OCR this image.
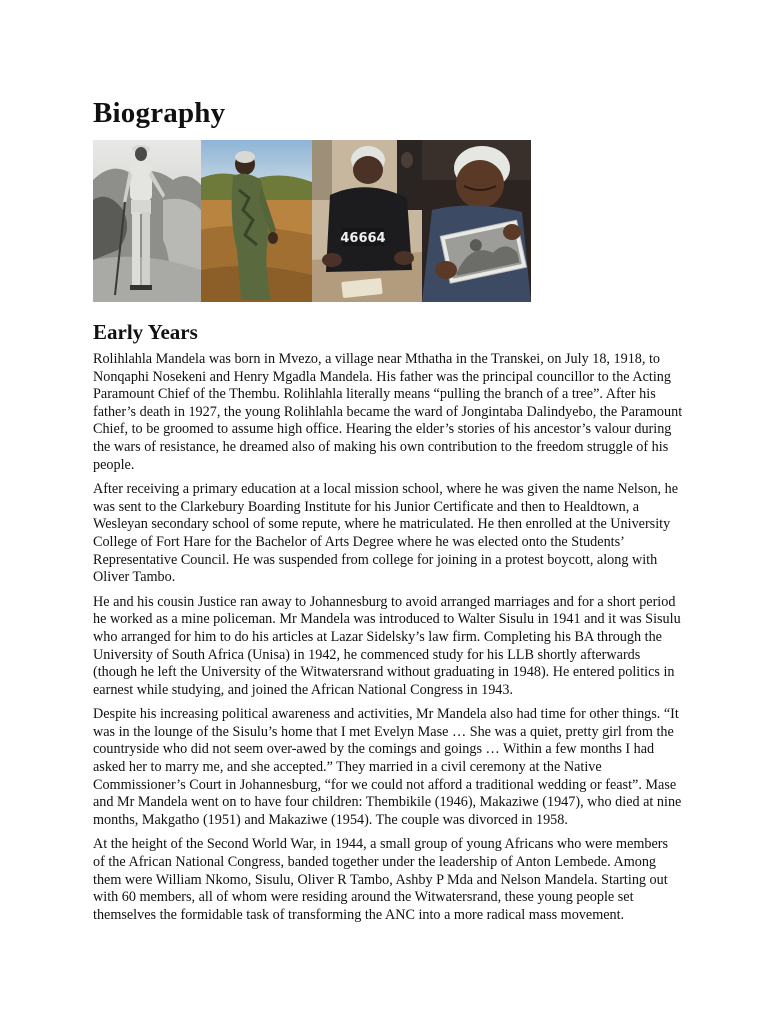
Biography
46664
Early Years

Rolihlahla Mandela was born in Mvezo, a village near Mthatha in the Transkei, on July 18, 1918, to Nonqaphi Nosekeni and Henry Mgadla Mandela. His father was the principal councillor to the Acting Paramount Chief of the Thembu. Rolihlahla literally means “pulling the branch of a tree”. After his father’s death in 1927, the young Rolihlahla became the ward of Jongintaba Dalindyebo, the Paramount Chief, to be groomed to assume high office. Hearing the elder’s stories of his ancestor’s valour during the wars of resistance, he dreamed also of making his own contribution to the freedom struggle of his people.

After receiving a primary education at a local mission school, where he was given the name Nelson, he was sent to the Clarkebury Boarding Institute for his Junior Certificate and then to Healdtown, a Wesleyan secondary school of some repute, where he matriculated. He then enrolled at the University College of Fort Hare for the Bachelor of Arts Degree where he was elected onto the Students’ Representative Council. He was suspended from college for joining in a protest boycott, along with Oliver Tambo.

He and his cousin Justice ran away to Johannesburg to avoid arranged marriages and for a short period he worked as a mine policeman. Mr Mandela was introduced to Walter Sisulu in 1941 and it was Sisulu who arranged for him to do his articles at Lazar Sidelsky’s law firm. Completing his BA through the University of South Africa (Unisa) in 1942, he commenced study for his LLB shortly afterwards (though he left the University of the Witwatersrand without graduating in 1948). He entered politics in earnest while studying, and joined the African National Congress in 1943.

Despite his increasing political awareness and activities, Mr Mandela also had time for other things. “It was in the lounge of the Sisulu’s home that I met Evelyn Mase … She was a quiet, pretty girl from the countryside who did not seem over-awed by the comings and goings … Within a few months I had asked her to marry me, and she accepted.” They married in a civil ceremony at the Native Commissioner’s Court in Johannesburg, “for we could not afford a traditional wedding or feast”. Mase and Mr Mandela went on to have four children: Thembikile (1946), Makaziwe (1947), who died at nine months, Makgatho (1951) and Makaziwe (1954). The couple was divorced in 1958.

At the height of the Second World War, in 1944, a small group of young Africans who were members of the African National Congress, banded together under the leadership of Anton Lembede. Among them were William Nkomo, Sisulu, Oliver R Tambo, Ashby P Mda and Nelson Mandela. Starting out with 60 members, all of whom were residing around the Witwatersrand, these young people set themselves the formidable task of transforming the ANC into a more radical mass movement.
